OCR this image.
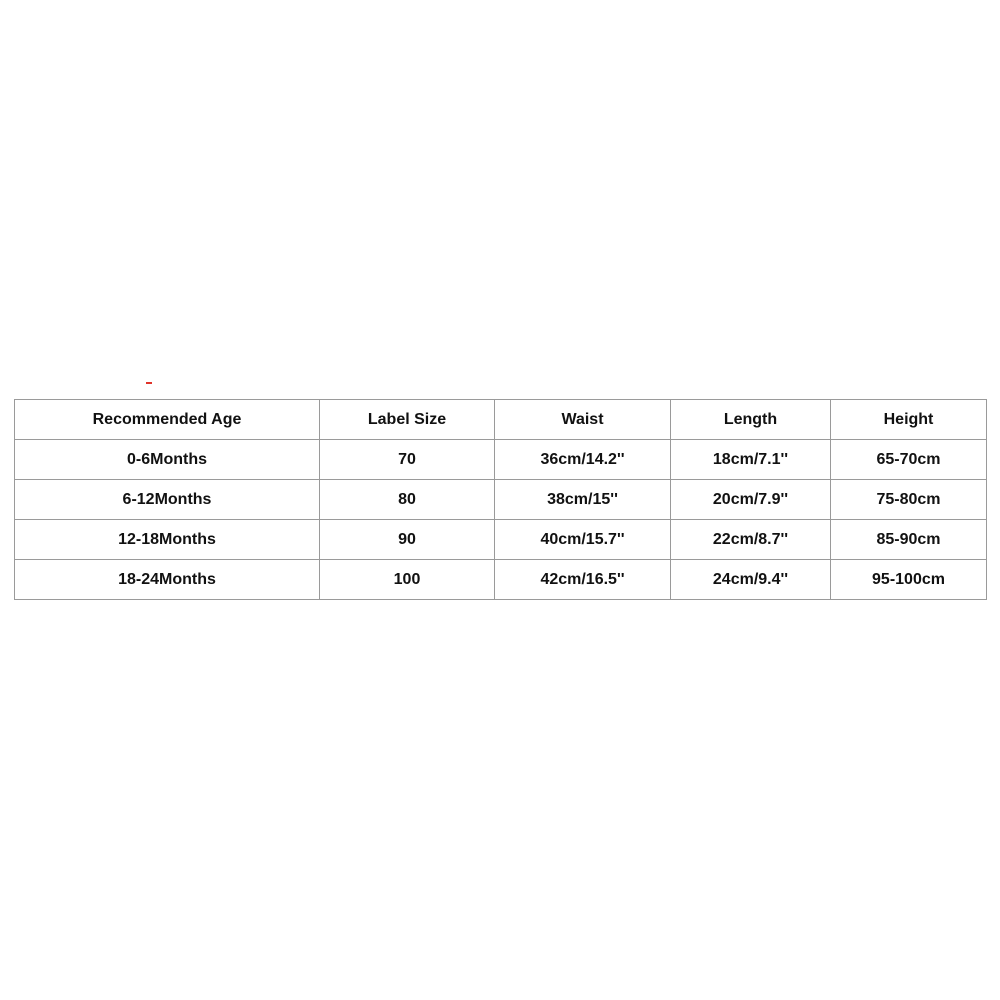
Recommended Age	Label Size	Waist	Length	Height
0-6Months	70	36cm/14.2''	18cm/7.1''	65-70cm
6-12Months	80	38cm/15''	20cm/7.9''	75-80cm
12-18Months	90	40cm/15.7''	22cm/8.7''	85-90cm
18-24Months	100	42cm/16.5''	24cm/9.4''	95-100cm
